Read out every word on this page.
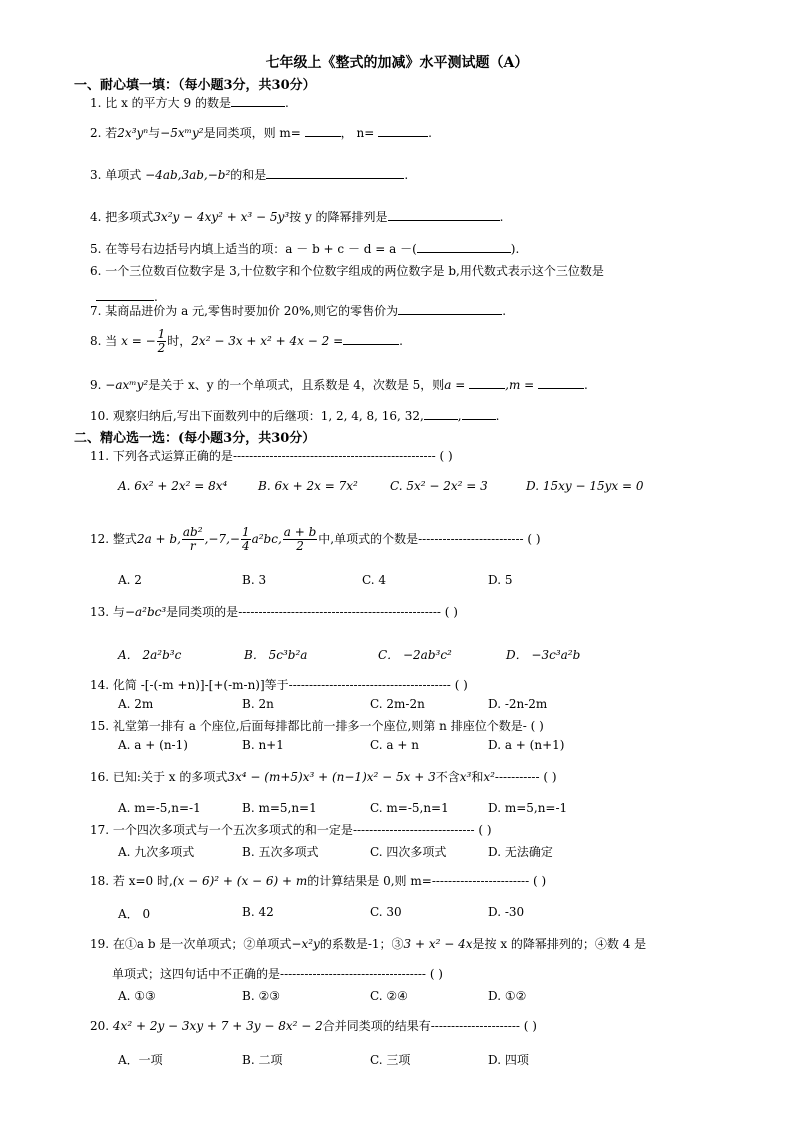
七年级上《整式的加减》水平测试题（A）
一、耐心填一填：（每小题3分，共30分）
1. 比 x 的平方大 9 的数是	.
2. 若2x³yⁿ与−5xᵐy²是同类项，则 m=	， n=	.
3. 单项式 −4ab,3ab,−b²的和是	.
4. 把多项式3x²y − 4xy² + x³ − 5y³按 y 的降幂排列是	.
5. 在等号右边括号内填上适当的项：a － b + c － d = a －(	).
6. 一个三位数百位数字是 3,十位数字和个位数字组成的两位数字是 b,用代数式表示这个三位数是
.
7. 某商品进价为 a 元,零售时要加价 20%,则它的零售价为	.
8. 当 x = − $\frac{1}{2}$ 时，2x² − 3x + x² + 4x − 2 =	.
9. −axᵐy²是关于 x、y 的一个单项式，且系数是 4，次数是 5，则a =	,m =	.
10. 观察归纳后,写出下面数列中的后继项：1, 2, 4, 8, 16, 32,	,	.
二、精心选一选：(每小题3分，共30分）
11. 下列各式运算正确的是-------------------------------------------------- ( )
A. 6x² + 2x² = 8x⁴	B. 6x + 2x = 7x²	C. 5x² − 2x² = 3	D. 15xy − 15yx = 0
12. 整式2a + b, $\frac{\text{ab²}}{r} ,-7,- \frac{1}{4} a^2bc$, $\frac{a + b}{2}$ 中,单项式的个数是-------------------------- ( )
A. 2	B. 3	C. 4	D. 5
13. 与−a²bc³是同类项的是-------------------------------------------------- ( )
A． 2a²b³c	B． 5c³b²a	C． −2ab³c²	D． −3c³a²b
14. 化简 -[-(-m +n)]-[+(-m-n)]等于---------------------------------------- ( )
A. 2m	B. 2n	C. 2m-2n	D. -2n-2m
15. 礼堂第一排有 a 个座位,后面每排都比前一排多一个座位,则第 n 排座位个数是- ( )
A. a + (n-1)	B. n+1	C. a + n	D. a + (n+1)
16. 已知:关于 x 的多项式3x⁴ − (m+5)x³ + (n−1)x² − 5x + 3不含x³和x²----------- ( )
A. m=-5,n=-1	B. m=5,n=1	C. m=-5,n=1	D. m=5,n=-1
17. 一个四次多项式与一个五次多项式的和一定是------------------------------ ( )
A. 九次多项式	B. 五次多项式	C. 四次多项式	D. 无法确定
18. 若 x=0 时,(x − 6)² + (x − 6) + m的计算结果是 0,则 m=------------------------ ( )
A． 0	B. 42	C. 30	D. -30
19. 在①a b 是一次单项式；②单项式−x²y的系数是-1；③3 + x² − 4x是按 x 的降幂排列的；④数 4 是
单项式；这四句话中不正确的是------------------------------------ ( )
A. ①③	B. ②③	C. ②④	D. ①②
20. 4x² + 2y − 3xy + 7 + 3y − 8x² − 2合并同类项的结果有---------------------- ( )
A．一项	B. 二项	C. 三项	D. 四项
